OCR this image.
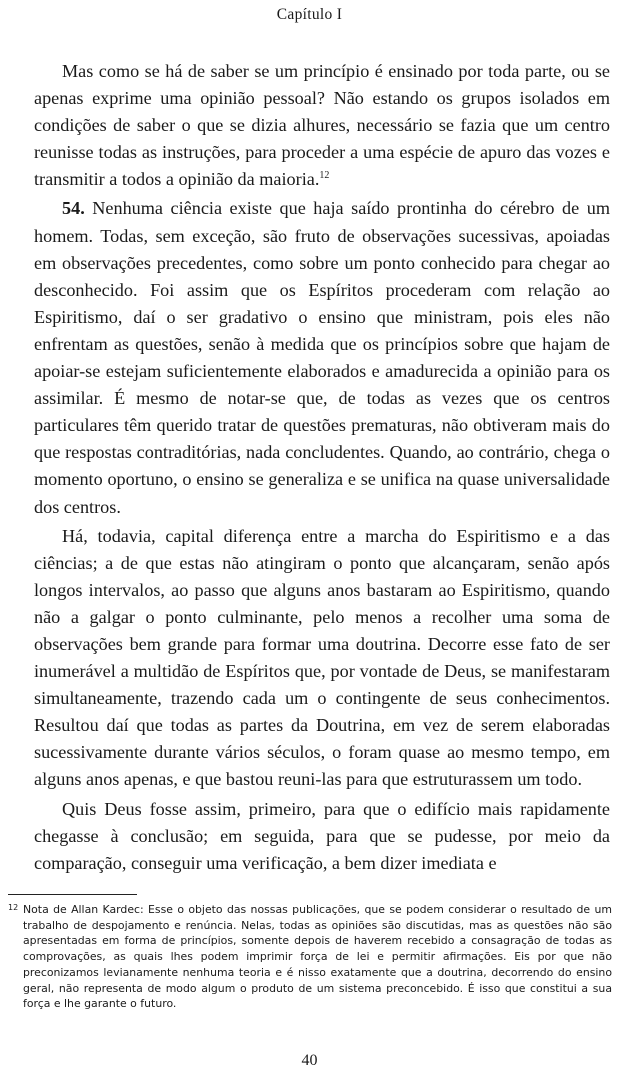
Capítulo I

Mas como se há de saber se um princípio é ensinado por toda parte, ou se apenas exprime uma opinião pessoal? Não estando os grupos isolados em condições de saber o que se dizia alhures, necessário se fazia que um centro reunisse todas as instruções, para proceder a uma espécie de apuro das vozes e transmitir a todos a opinião da maioria.$^{12}$

54. Nenhuma ciência existe que haja saído prontinha do cérebro de um homem. Todas, sem exceção, são fruto de observações sucessivas, apoiadas em observações precedentes, como sobre um ponto conhecido para chegar ao desconhecido. Foi assim que os Espíritos procederam com relação ao Espiritismo, daí o ser gradativo o ensino que ministram, pois eles não enfrentam as questões, senão à medida que os princípios sobre que hajam de apoiar-se estejam suficientemente elaborados e amadurecida a opinião para os assimilar. É mesmo de notar-se que, de todas as vezes que os centros particulares têm querido tratar de questões prematuras, não obtiveram mais do que respostas contraditórias, nada concludentes. Quando, ao contrário, chega o momento oportuno, o ensino se generaliza e se unifica na quase universalidade dos centros.

Há, todavia, capital diferença entre a marcha do Espiritismo e a das ciências; a de que estas não atingiram o ponto que alcançaram, senão após longos intervalos, ao passo que alguns anos bastaram ao Espiritismo, quando não a galgar o ponto culminante, pelo menos a recolher uma soma de observações bem grande para formar uma doutrina. Decorre esse fato de ser inumerável a multidão de Espíritos que, por vontade de Deus, se manifestaram simultaneamente, trazendo cada um o contingente de seus conhecimentos. Resultou daí que todas as partes da Doutrina, em vez de serem elaboradas sucessivamente durante vários séculos, o foram quase ao mesmo tempo, em alguns anos apenas, e que bastou reuni-las para que estruturassem um todo.

Quis Deus fosse assim, primeiro, para que o edifício mais rapidamente chegasse à conclusão; em seguida, para que se pudesse, por meio da comparação, conseguir uma verificação, a bem dizer imediata e

12 Nota de Allan Kardec: Esse o objeto das nossas publicações, que se podem considerar o resultado de um trabalho de despojamento e renúncia. Nelas, todas as opiniões são discutidas, mas as questões não são apresentadas em forma de princípios, somente depois de haverem recebido a consagração de todas as comprovações, as quais lhes podem imprimir força de lei e permitir afirmações. Eis por que não preconizamos levianamente nenhuma teoria e é nisso exatamente que a doutrina, decorrendo do ensino geral, não representa de modo algum o produto de um sistema preconcebido. É isso que constitui a sua força e lhe garante o futuro.
40
